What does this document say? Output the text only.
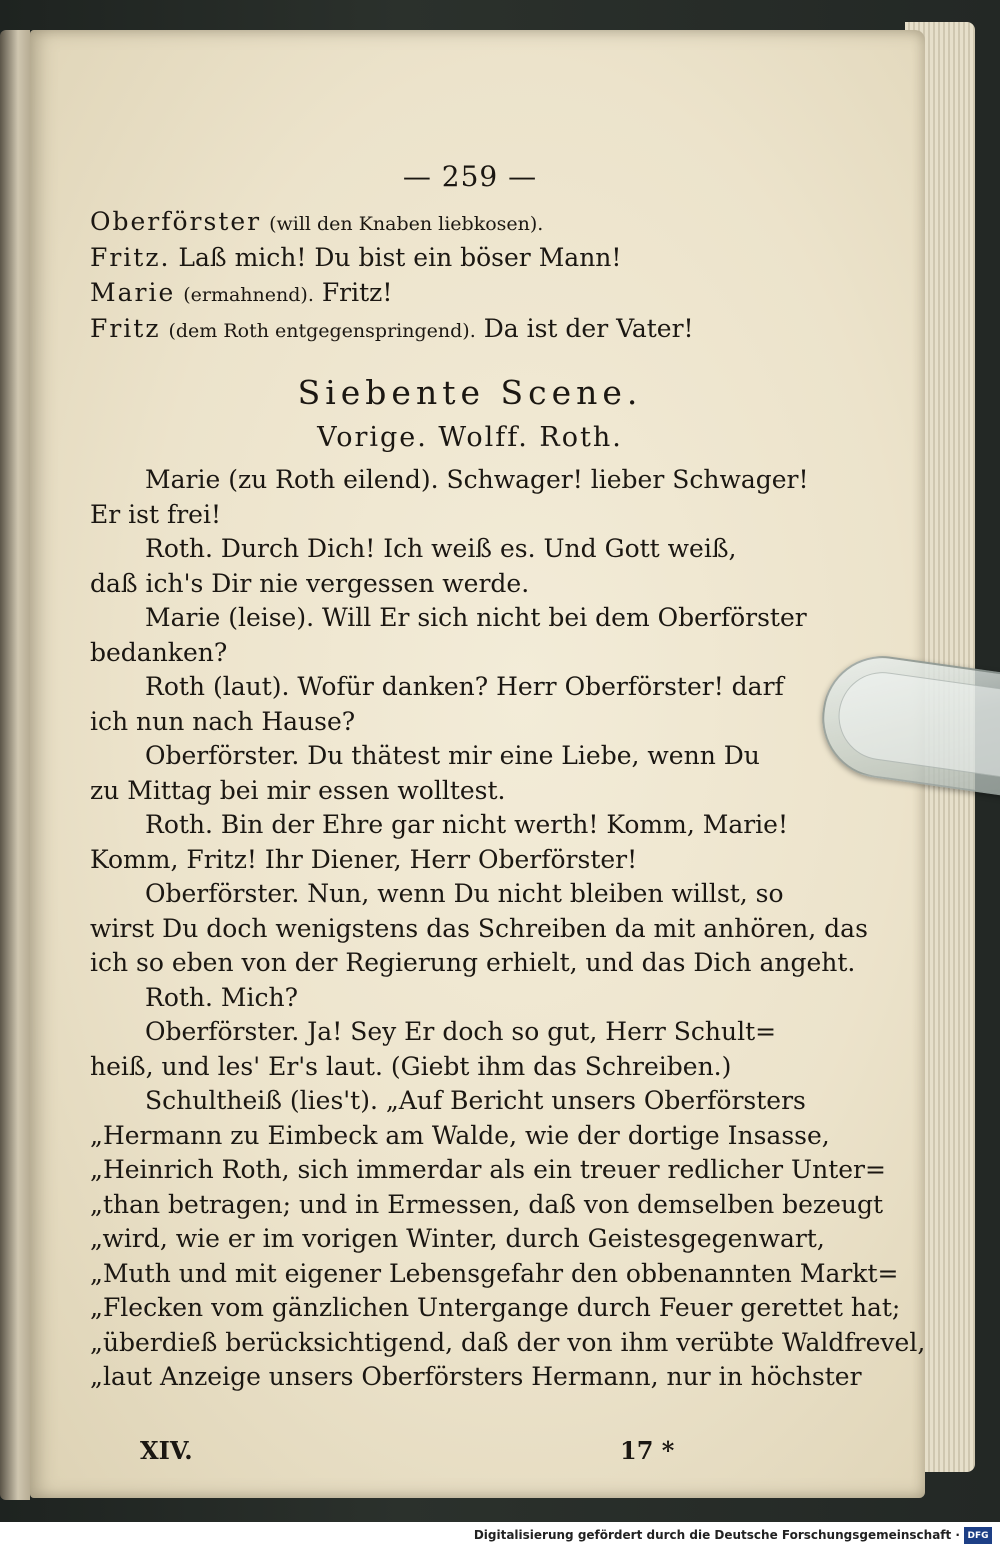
— 259 —
Oberförster (will den Knaben liebkosen).
Fritz. Laß mich! Du bist ein böser Mann!
Marie (ermahnend). Fritz!
Fritz (dem Roth entgegenspringend). Da ist der Vater!
Siebente Scene.
Vorige. Wolff. Roth.
Marie (zu Roth eilend). Schwager! lieber Schwager!
Er ist frei!
Roth. Durch Dich! Ich weiß es. Und Gott weiß,
daß ich's Dir nie vergessen werde.
Marie (leise). Will Er sich nicht bei dem Oberförster
bedanken?
Roth (laut). Wofür danken? Herr Oberförster! darf
ich nun nach Hause?
Oberförster. Du thätest mir eine Liebe, wenn Du
zu Mittag bei mir essen wolltest.
Roth. Bin der Ehre gar nicht werth! Komm, Marie!
Komm, Fritz! Ihr Diener, Herr Oberförster!
Oberförster. Nun, wenn Du nicht bleiben willst, so
wirst Du doch wenigstens das Schreiben da mit anhören, das
ich so eben von der Regierung erhielt, und das Dich angeht.
Roth. Mich?
Oberförster. Ja! Sey Er doch so gut, Herr Schult=
heiß, und les' Er's laut. (Giebt ihm das Schreiben.)
Schultheiß (lies't). „Auf Bericht unsers Oberförsters
„Hermann zu Eimbeck am Walde, wie der dortige Insasse,
„Heinrich Roth, sich immerdar als ein treuer redlicher Unter=
„than betragen; und in Ermessen, daß von demselben bezeugt
„wird, wie er im vorigen Winter, durch Geistesgegenwart,
„Muth und mit eigener Lebensgefahr den obbenannten Markt=
„Flecken vom gänzlichen Untergange durch Feuer gerettet hat;
„überdieß berücksichtigend, daß der von ihm verübte Waldfrevel,
„laut Anzeige unsers Oberförsters Hermann, nur in höchster
XIV.	17 *
Digitalisierung gefördert durch die Deutsche Forschungsgemeinschaft · DFG
